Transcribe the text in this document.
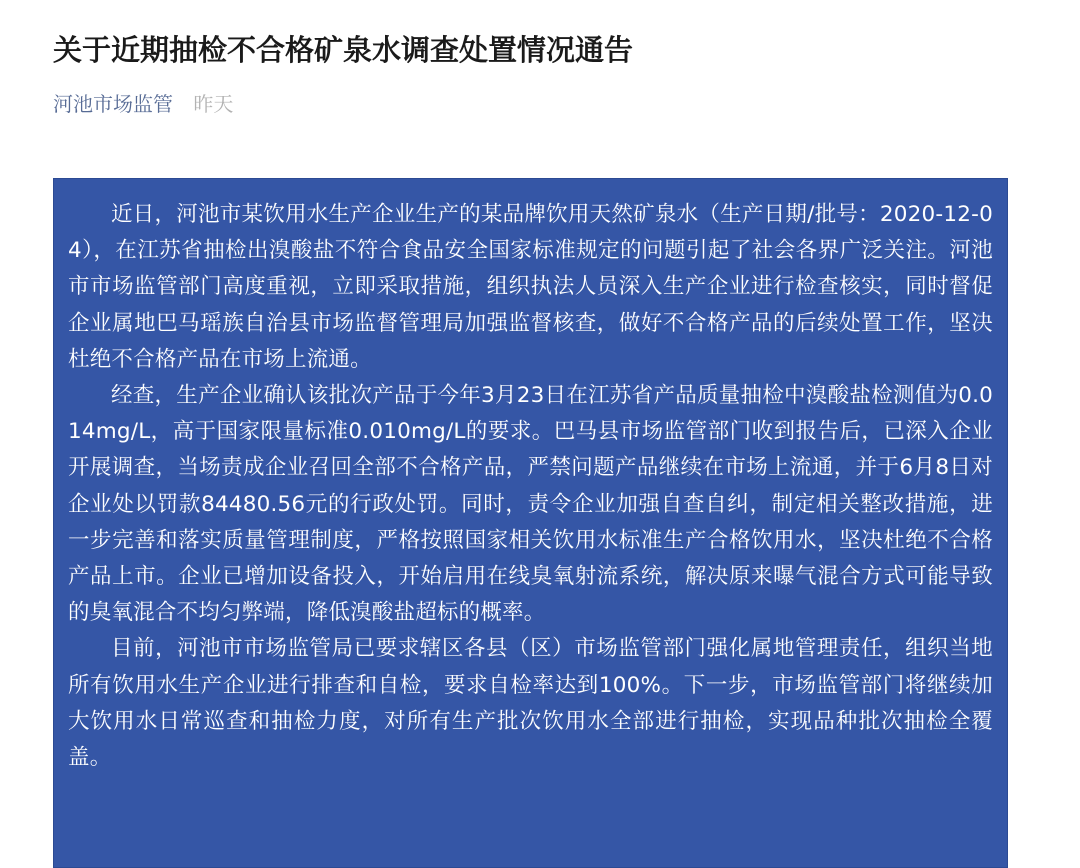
关于近期抽检不合格矿泉水调查处置情况通告
河池市场监管 昨天

近日，河池市某饮用水生产企业生产的某品牌饮用天然矿泉水（生产日期/批号：2020-12-04），在江苏省抽检出溴酸盐不符合食品安全国家标准规定的问题引起了社会各界广泛关注。河池市市场监管部门高度重视，立即采取措施，组织执法人员深入生产企业进行检查核实，同时督促企业属地巴马瑶族自治县市场监督管理局加强监督核查，做好不合格产品的后续处置工作，坚决杜绝不合格产品在市场上流通。

经查，生产企业确认该批次产品于今年3月23日在江苏省产品质量抽检中溴酸盐检测值为0.014mg/L，高于国家限量标准0.010mg/L的要求。巴马县市场监管部门收到报告后，已深入企业开展调查，当场责成企业召回全部不合格产品，严禁问题产品继续在市场上流通，并于6月8日对企业处以罚款84480.56元的行政处罚。同时，责令企业加强自查自纠，制定相关整改措施，进一步完善和落实质量管理制度，严格按照国家相关饮用水标准生产合格饮用水，坚决杜绝不合格产品上市。企业已增加设备投入，开始启用在线臭氧射流系统，解决原来曝气混合方式可能导致的臭氧混合不均匀弊端，降低溴酸盐超标的概率。

目前，河池市市场监管局已要求辖区各县（区）市场监管部门强化属地管理责任，组织当地所有饮用水生产企业进行排查和自检，要求自检率达到100%。下一步，市场监管部门将继续加大饮用水日常巡查和抽检力度，对所有生产批次饮用水全部进行抽检，实现品种批次抽检全覆盖。
